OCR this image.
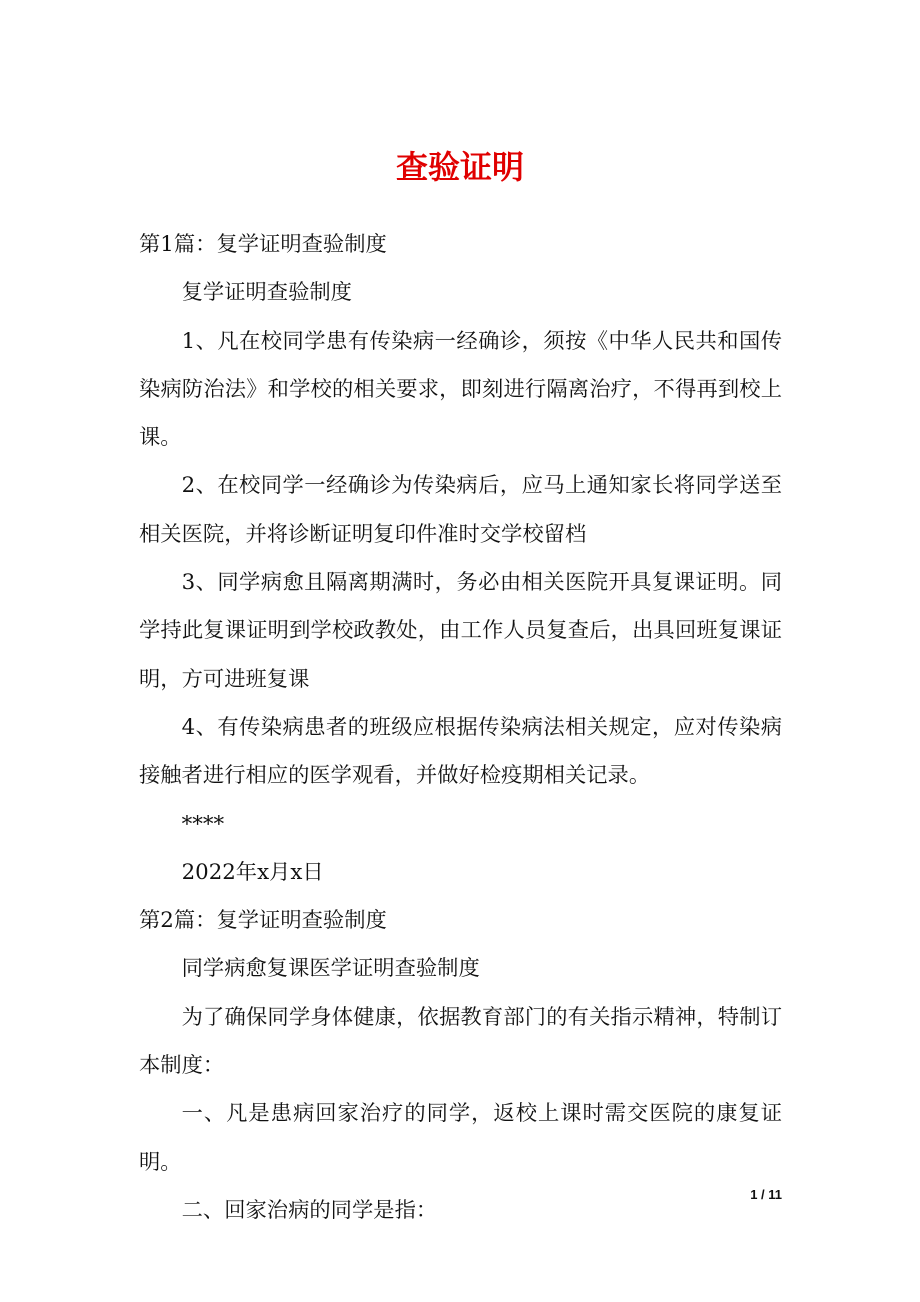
查验证明

第1篇：复学证明查验制度

复学证明查验制度

1、凡在校同学患有传染病一经确诊，须按《中华人民共和国传染病防治法》和学校的相关要求，即刻进行隔离治疗，不得再到校上课。

2、在校同学一经确诊为传染病后，应马上通知家长将同学送至相关医院，并将诊断证明复印件准时交学校留档

3、同学病愈且隔离期满时，务必由相关医院开具复课证明。同学持此复课证明到学校政教处，由工作人员复查后，出具回班复课证明，方可进班复课

4、有传染病患者的班级应根据传染病法相关规定，应对传染病接触者进行相应的医学观看，并做好检疫期相关记录。

****

2022年x月x日

第2篇：复学证明查验制度

同学病愈复课医学证明查验制度

为了确保同学身体健康，依据教育部门的有关指示精神，特制订本制度：

一、凡是患病回家治疗的同学，返校上课时需交医院的康复证明。

二、回家治病的同学是指：

1 / 11
